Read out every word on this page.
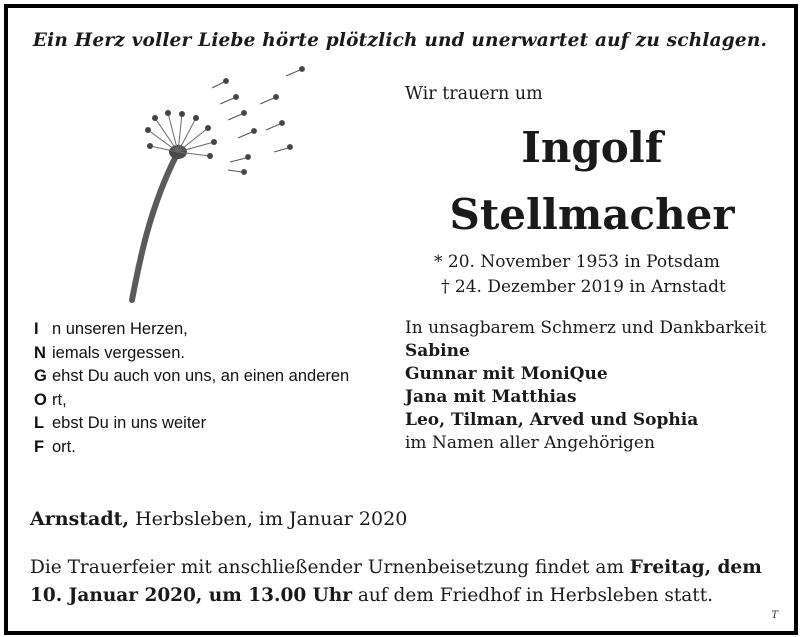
Ein Herz voller Liebe hörte plötzlich und unerwartet auf zu schlagen.
Wir trauern um
Ingolf
Stellmacher
* 20. November 1953 in Potsdam
† 24. Dezember 2019 in Arnstadt
I n unseren Herzen,
N iemals vergessen.
G ehst Du auch von uns, an einen anderen
O rt,
L ebst Du in uns weiter
F ort.
In unsagbarem Schmerz und Dankbarkeit
Sabine
Gunnar mit MoniQue
Jana mit Matthias
Leo, Tilman, Arved und Sophia
im Namen aller Angehörigen
Arnstadt, Herbsleben, im Januar 2020
Die Trauerfeier mit anschließender Urnenbeisetzung findet am Freitag, dem 10. Januar 2020, um 13.00 Uhr auf dem Friedhof in Herbsleben statt.
T
